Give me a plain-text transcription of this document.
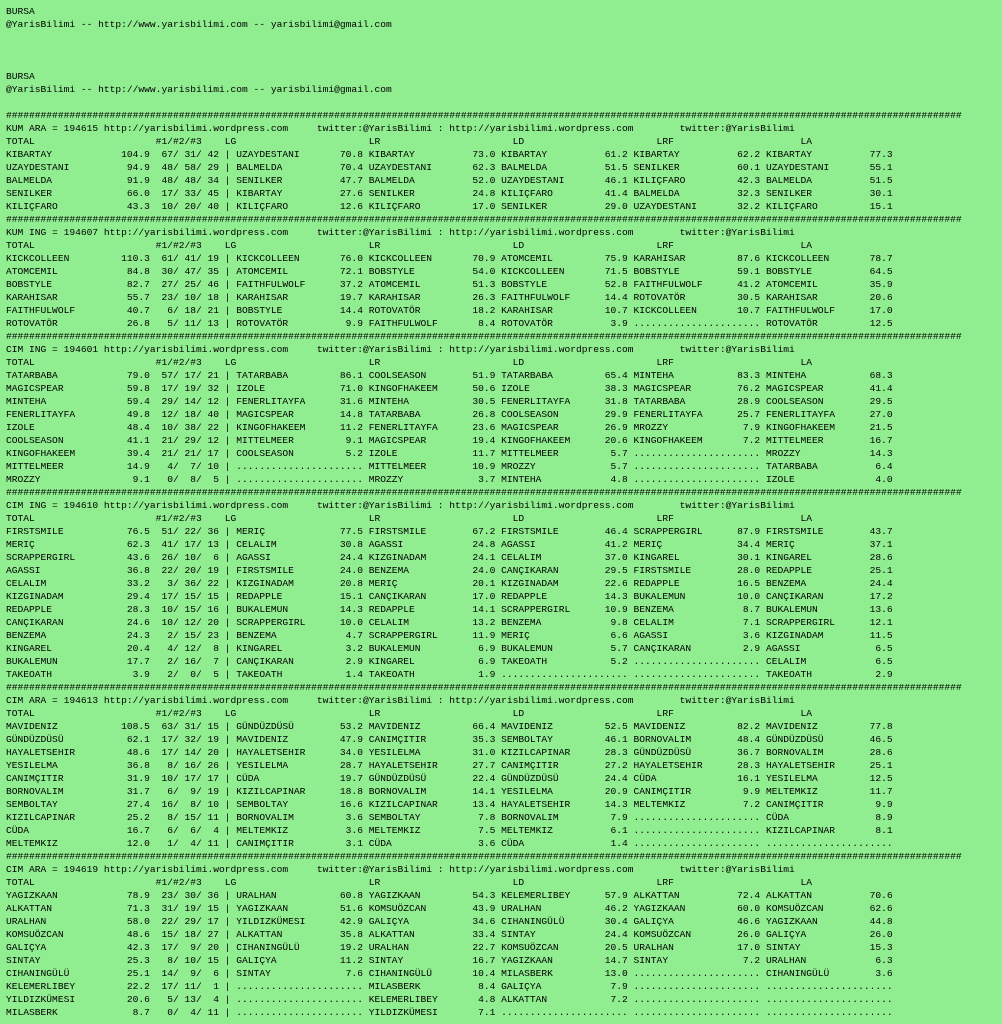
BURSA
@YarisBilimi -- http://www.yarisbilimi.com -- yarisbilimi@gmail.com
BURSA
@YarisBilimi -- http://www.yarisbilimi.com -- yarisbilimi@gmail.com
######################################################################################################################################################################
KUM ARA = 194615 http://yarisbilimi.wordpress.com     twitter:@YarisBilimi : http://yarisbilimi.wordpress.com        twitter:@YarisBilimi
TOTAL                     #1/#2/#3    LG                       LR                       LD                       LRF                      LA
KIBARTAY            104.9  67/ 31/ 42 | UZAYDESTANI       70.8 KIBARTAY          73.0 KIBARTAY          61.2 KIBARTAY          62.2 KIBARTAY          77.3
UZAYDESTANI          94.9  48/ 58/ 29 | BALMELDA          70.4 UZAYDESTANI       62.3 BALMELDA          51.5 SENILKER          60.1 UZAYDESTANI       55.1
BALMELDA             91.9  48/ 48/ 34 | SENILKER          47.7 BALMELDA          52.0 UZAYDESTANI       46.1 KILIÇFARO         42.3 BALMELDA          51.5
SENILKER             66.0  17/ 33/ 45 | KIBARTAY          27.6 SENILKER          24.8 KILIÇFARO         41.4 BALMELDA          32.3 SENILKER          30.1
KILIÇFARO            43.3  10/ 20/ 40 | KILIÇFARO         12.6 KILIÇFARO         17.0 SENILKER          29.0 UZAYDESTANI       32.2 KILIÇFARO         15.1
######################################################################################################################################################################
KUM ING = 194607 http://yarisbilimi.wordpress.com     twitter:@YarisBilimi : http://yarisbilimi.wordpress.com        twitter:@YarisBilimi
TOTAL                     #1/#2/#3    LG                       LR                       LD                       LRF                      LA
KICKCOLLEEN         110.3  61/ 41/ 19 | KICKCOLLEEN       76.0 KICKCOLLEEN       70.9 ATOMCEMIL         75.9 KARAHISAR         87.6 KICKCOLLEEN       78.7
ATOMCEMIL            84.8  30/ 47/ 35 | ATOMCEMIL         72.1 BOBSTYLE          54.0 KICKCOLLEEN       71.5 BOBSTYLE          59.1 BOBSTYLE          64.5
BOBSTYLE             82.7  27/ 25/ 46 | FAITHFULWOLF      37.2 ATOMCEMIL         51.3 BOBSTYLE          52.8 FAITHFULWOLF      41.2 ATOMCEMIL         35.9
KARAHISAR            55.7  23/ 10/ 18 | KARAHISAR         19.7 KARAHISAR         26.3 FAITHFULWOLF      14.4 ROTOVATÖR         30.5 KARAHISAR         20.6
FAITHFULWOLF         40.7   6/ 18/ 21 | BOBSTYLE          14.4 ROTOVATÖR         18.2 KARAHISAR         10.7 KICKCOLLEEN       10.7 FAITHFULWOLF      17.0
ROTOVATÖR            26.8   5/ 11/ 13 | ROTOVATÖR          9.9 FAITHFULWOLF       8.4 ROTOVATÖR          3.9 ...................... ROTOVATÖR         12.5
######################################################################################################################################################################
CIM ING = 194601 http://yarisbilimi.wordpress.com     twitter:@YarisBilimi : http://yarisbilimi.wordpress.com        twitter:@YarisBilimi
TOTAL                     #1/#2/#3    LG                       LR                       LD                       LRF                      LA
TATARBABA            79.0  57/ 17/ 21 | TATARBABA         86.1 COOLSEASON        51.9 TATARBABA         65.4 MINTEHA           83.3 MINTEHA           68.3
MAGICSPEAR           59.8  17/ 19/ 32 | IZOLE             71.0 KINGOFHAKEEM      50.6 IZOLE             38.3 MAGICSPEAR        76.2 MAGICSPEAR        41.4
MINTEHA              59.4  29/ 14/ 12 | FENERLITAYFA      31.6 MINTEHA           30.5 FENERLITAYFA      31.8 TATARBABA         28.9 COOLSEASON        29.5
FENERLITAYFA         49.8  12/ 18/ 40 | MAGICSPEAR        14.8 TATARBABA         26.8 COOLSEASON        29.9 FENERLITAYFA      25.7 FENERLITAYFA      27.0
IZOLE                48.4  10/ 38/ 22 | KINGOFHAKEEM      11.2 FENERLITAYFA      23.6 MAGICSPEAR        26.9 MROZZY             7.9 KINGOFHAKEEM      21.5
COOLSEASON           41.1  21/ 29/ 12 | MITTELMEER         9.1 MAGICSPEAR        19.4 KINGOFHAKEEM      20.6 KINGOFHAKEEM       7.2 MITTELMEER        16.7
KINGOFHAKEEM         39.4  21/ 21/ 17 | COOLSEASON         5.2 IZOLE             11.7 MITTELMEER         5.7 ...................... MROZZY            14.3
MITTELMEER           14.9   4/  7/ 10 | ...................... MITTELMEER        10.9 MROZZY             5.7 ...................... TATARBABA          6.4
MROZZY                9.1   0/  8/  5 | ...................... MROZZY             3.7 MINTEHA            4.8 ...................... IZOLE              4.0
######################################################################################################################################################################
CIM ING = 194610 http://yarisbilimi.wordpress.com     twitter:@YarisBilimi : http://yarisbilimi.wordpress.com        twitter:@YarisBilimi
TOTAL                     #1/#2/#3    LG                       LR                       LD                       LRF                      LA
FIRSTSMILE           76.5  51/ 22/ 36 | MERIÇ             77.5 FIRSTSMILE        67.2 FIRSTSMILE        46.4 SCRAPPERGIRL      87.9 FIRSTSMILE        43.7
MERIÇ                62.3  41/ 17/ 13 | CELALIM           30.8 AGASSI            24.8 AGASSI            41.2 MERIÇ             34.4 MERIÇ             37.1
SCRAPPERGIRL         43.6  26/ 10/  6 | AGASSI            24.4 KIZGINADAM        24.1 CELALIM           37.0 KINGAREL          30.1 KINGAREL          28.6
AGASSI               36.8  22/ 20/ 19 | FIRSTSMILE        24.0 BENZEMA           24.0 CANÇIKARAN        29.5 FIRSTSMILE        28.0 REDAPPLE          25.1
CELALIM              33.2   3/ 36/ 22 | KIZGINADAM        20.8 MERIÇ             20.1 KIZGINADAM        22.6 REDAPPLE          16.5 BENZEMA           24.4
KIZGINADAM           29.4  17/ 15/ 15 | REDAPPLE          15.1 CANÇIKARAN        17.0 REDAPPLE          14.3 BUKALEMUN         10.0 CANÇIKARAN        17.2
REDAPPLE             28.3  10/ 15/ 16 | BUKALEMUN         14.3 REDAPPLE          14.1 SCRAPPERGIRL      10.9 BENZEMA            8.7 BUKALEMUN         13.6
CANÇIKARAN           24.6  10/ 12/ 20 | SCRAPPERGIRL      10.0 CELALIM           13.2 BENZEMA            9.8 CELALIM            7.1 SCRAPPERGIRL      12.1
BENZEMA              24.3   2/ 15/ 23 | BENZEMA            4.7 SCRAPPERGIRL      11.9 MERIÇ              6.6 AGASSI             3.6 KIZGINADAM        11.5
KINGAREL             20.4   4/ 12/  8 | KINGAREL           3.2 BUKALEMUN          6.9 BUKALEMUN          5.7 CANÇIKARAN         2.9 AGASSI             6.5
BUKALEMUN            17.7   2/ 16/  7 | CANÇIKARAN         2.9 KINGAREL           6.9 TAKEOATH           5.2 ...................... CELALIM            6.5
TAKEOATH              3.9   2/  0/  5 | TAKEOATH           1.4 TAKEOATH           1.9 ...................... ...................... TAKEOATH           2.9
######################################################################################################################################################################
CIM ARA = 194613 http://yarisbilimi.wordpress.com     twitter:@YarisBilimi : http://yarisbilimi.wordpress.com        twitter:@YarisBilimi
TOTAL                     #1/#2/#3    LG                       LR                       LD                       LRF                      LA
MAVIDENIZ           108.5  63/ 31/ 15 | GÜNDÜZDÜSÜ        53.2 MAVIDENIZ         66.4 MAVIDENIZ         52.5 MAVIDENIZ         82.2 MAVIDENIZ         77.8
GÜNDÜZDÜSÜ           62.1  17/ 32/ 19 | MAVIDENIZ         47.9 CANIMÇITIR        35.3 SEMBOLTAY         46.1 BORNOVALIM        48.4 GÜNDÜZDÜSÜ        46.5
HAYALETSEHIR         48.6  17/ 14/ 20 | HAYALETSEHIR      34.0 YESILELMA         31.0 KIZILCAPINAR      28.3 GÜNDÜZDÜSÜ        36.7 BORNOVALIM        28.6
YESILELMA            36.8   8/ 16/ 26 | YESILELMA         28.7 HAYALETSEHIR      27.7 CANIMÇITIR        27.2 HAYALETSEHIR      28.3 HAYALETSEHIR      25.1
CANIMÇITIR           31.9  10/ 17/ 17 | CÜDA              19.7 GÜNDÜZDÜSÜ        22.4 GÜNDÜZDÜSÜ        24.4 CÜDA              16.1 YESILELMA         12.5
BORNOVALIM           31.7   6/  9/ 19 | KIZILCAPINAR      18.8 BORNOVALIM        14.1 YESILELMA         20.9 CANIMÇITIR         9.9 MELTEMKIZ         11.7
SEMBOLTAY            27.4  16/  8/ 10 | SEMBOLTAY         16.6 KIZILCAPINAR      13.4 HAYALETSEHIR      14.3 MELTEMKIZ          7.2 CANIMÇITIR         9.9
KIZILCAPINAR         25.2   8/ 15/ 11 | BORNOVALIM         3.6 SEMBOLTAY          7.8 BORNOVALIM         7.9 ...................... CÜDA               8.9
CÜDA                 16.7   6/  6/  4 | MELTEMKIZ          3.6 MELTEMKIZ          7.5 MELTEMKIZ          6.1 ...................... KIZILCAPINAR       8.1
MELTEMKIZ            12.0   1/  4/ 11 | CANIMÇITIR         3.1 CÜDA               3.6 CÜDA               1.4 ...................... ......................
######################################################################################################################################################################
CIM ARA = 194619 http://yarisbilimi.wordpress.com     twitter:@YarisBilimi : http://yarisbilimi.wordpress.com        twitter:@YarisBilimi
TOTAL                     #1/#2/#3    LG                       LR                       LD                       LRF                      LA
YAGIZKAAN            78.9  23/ 30/ 36 | URALHAN           60.8 YAGIZKAAN         54.3 KELEMERLIBEY      57.9 ALKATTAN          72.4 ALKATTAN          70.6
ALKATTAN             71.3  31/ 19/ 15 | YAGIZKAAN         51.6 KOMSUÖZCAN        43.9 URALHAN           46.2 YAGIZKAAN         60.0 KOMSUÖZCAN        62.6
URALHAN              58.0  22/ 29/ 17 | YILDIZKÜMESI      42.9 GALIÇYA           34.6 CIHANINGÜLÜ       30.4 GALIÇYA           46.6 YAGIZKAAN         44.8
KOMSUÖZCAN           48.6  15/ 18/ 27 | ALKATTAN          35.8 ALKATTAN          33.4 SINTAY            24.4 KOMSUÖZCAN        26.0 GALIÇYA           26.0
GALIÇYA              42.3  17/  9/ 20 | CIHANINGÜLÜ       19.2 URALHAN           22.7 KOMSUÖZCAN        20.5 URALHAN           17.0 SINTAY            15.3
SINTAY               25.3   8/ 10/ 15 | GALIÇYA           11.2 SINTAY            16.7 YAGIZKAAN         14.7 SINTAY             7.2 URALHAN            6.3
CIHANINGÜLÜ          25.1  14/  9/  6 | SINTAY             7.6 CIHANINGÜLÜ       10.4 MILASBERK         13.0 ...................... CIHANINGÜLÜ        3.6
KELEMERLIBEY         22.2  17/ 11/  1 | ...................... MILASBERK          8.4 GALIÇYA            7.9 ...................... ......................
YILDIZKÜMESI         20.6   5/ 13/  4 | ...................... KELEMERLIBEY       4.8 ALKATTAN           7.2 ...................... ......................
MILASBERK             8.7   0/  4/ 11 | ...................... YILDIZKÜMESI       7.1 ...................... ...................... ......................
